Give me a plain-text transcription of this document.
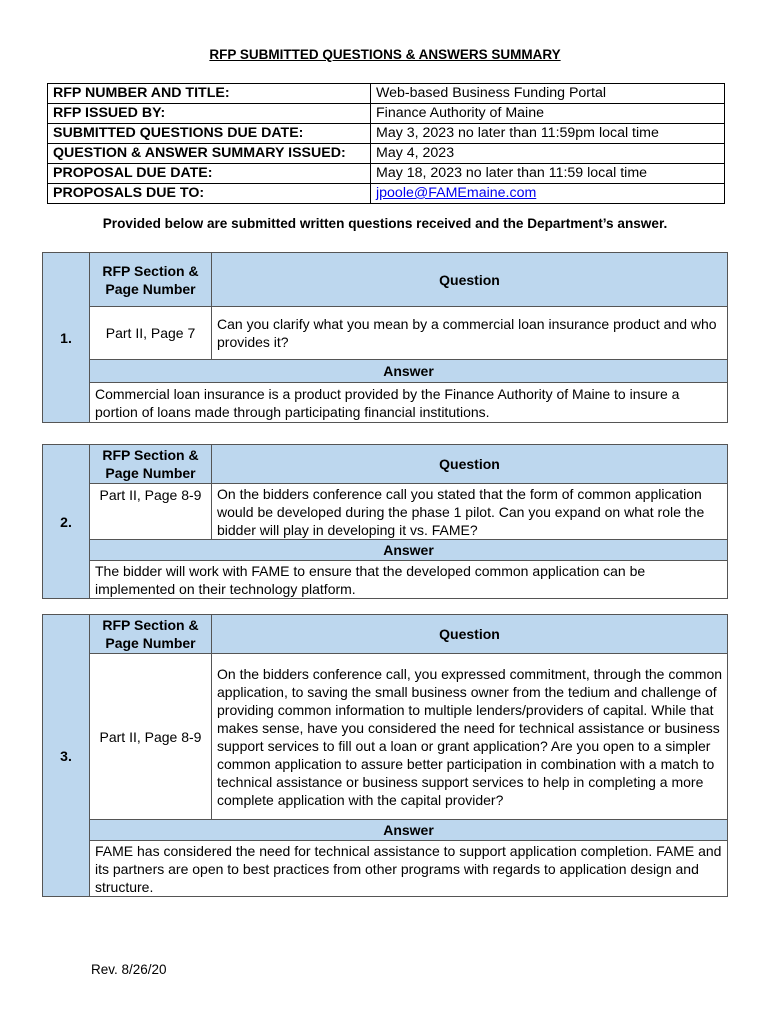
RFP SUBMITTED QUESTIONS & ANSWERS SUMMARY
RFP NUMBER AND TITLE:	Web-based Business Funding Portal
RFP ISSUED BY:	Finance Authority of Maine
SUBMITTED QUESTIONS DUE DATE:	May 3, 2023 no later than 11:59pm local time
QUESTION & ANSWER SUMMARY ISSUED:	May 4, 2023
PROPOSAL DUE DATE:	May 18, 2023 no later than 11:59 local time
PROPOSALS DUE TO:	jpoole@FAMEmaine.com
Provided below are submitted written questions received and the Department’s answer.
1.	RFP Section & Page Number	Question
	Part II, Page 7	Can you clarify what you mean by a commercial loan insurance product and who provides it?
	Answer	
	Commercial loan insurance is a product provided by the Finance Authority of Maine to insure a portion of loans made through participating financial institutions.	
2.	RFP Section & Page Number	Question
	Part II, Page 8-9	On the bidders conference call you stated that the form of common application would be developed during the phase 1 pilot. Can you expand on what role the bidder will play in developing it vs. FAME?
	Answer	
	The bidder will work with FAME to ensure that the developed common application can be implemented on their technology platform.	
3.	RFP Section & Page Number	Question
	Part II, Page 8-9	On the bidders conference call, you expressed commitment, through the common application, to saving the small business owner from the tedium and challenge of providing common information to multiple lenders/providers of capital. While that makes sense, have you considered the need for technical assistance or business support services to fill out a loan or grant application? Are you open to a simpler common application to assure better participation in combination with a match to technical assistance or business support services to help in completing a more complete application with the capital provider?
	Answer	
	FAME has considered the need for technical assistance to support application completion. FAME and its partners are open to best practices from other programs with regards to application design and structure.	
Rev. 8/26/20
